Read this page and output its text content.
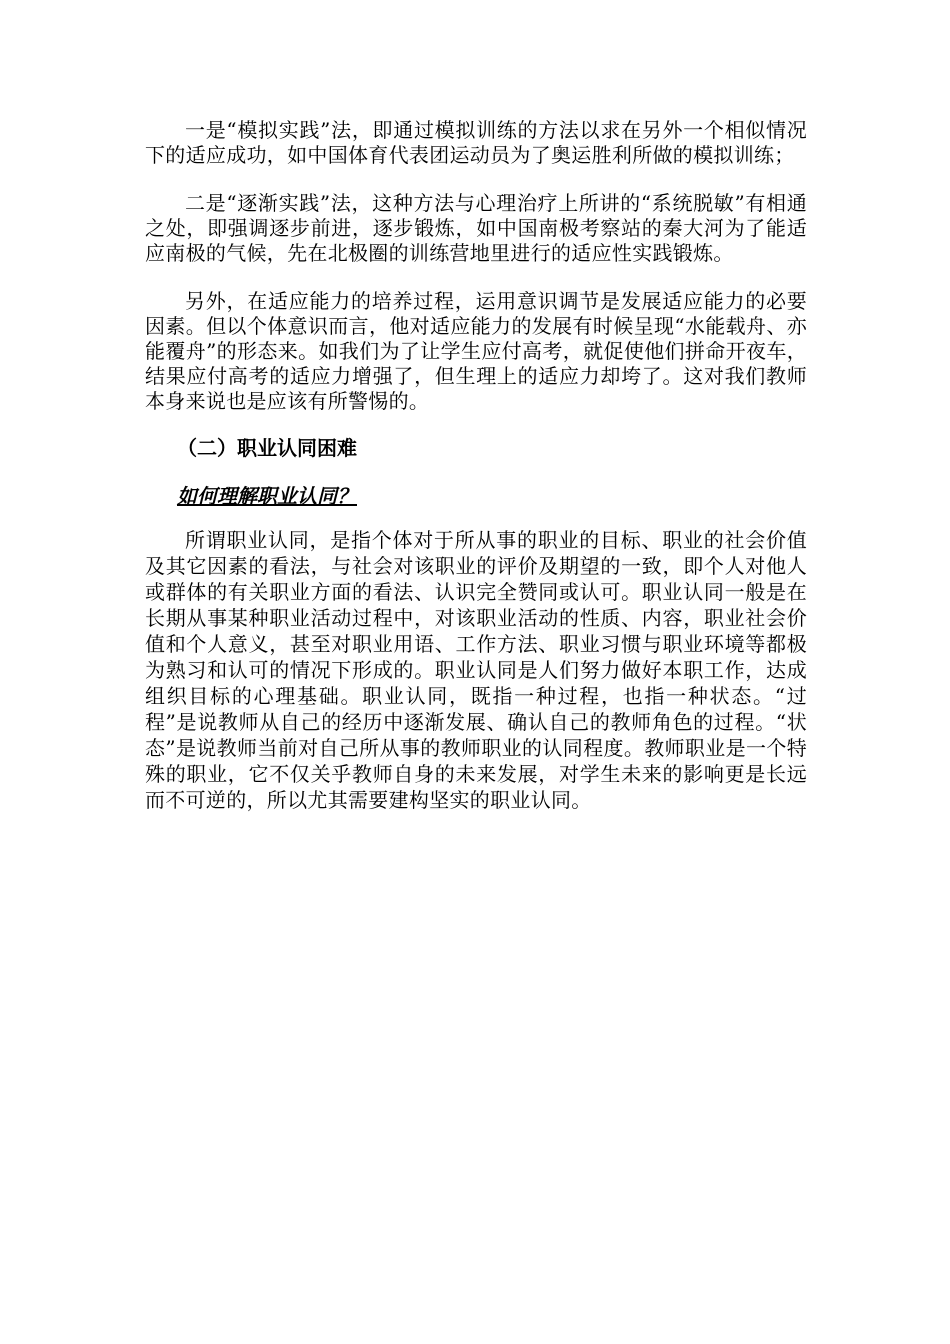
一是“模拟实践”法，即通过模拟训练的方法以求在另外一个相似情况下的适应成功，如中国体育代表团运动员为了奥运胜利所做的模拟训练；

二是“逐渐实践”法，这种方法与心理治疗上所讲的“系统脱敏”有相通之处，即强调逐步前进，逐步锻炼，如中国南极考察站的秦大河为了能适应南极的气候，先在北极圈的训练营地里进行的适应性实践锻炼。

另外，在适应能力的培养过程，运用意识调节是发展适应能力的必要因素。但以个体意识而言，他对适应能力的发展有时候呈现“水能载舟、亦能覆舟”的形态来。如我们为了让学生应付高考，就促使他们拼命开夜车，结果应付高考的适应力增强了，但生理上的适应力却垮了。这对我们教师本身来说也是应该有所警惕的。

（二）职业认同困难
如何理解职业认同？

所谓职业认同，是指个体对于所从事的职业的目标、职业的社会价值及其它因素的看法，与社会对该职业的评价及期望的一致，即个人对他人或群体的有关职业方面的看法、认识完全赞同或认可。职业认同一般是在长期从事某种职业活动过程中，对该职业活动的性质、内容，职业社会价值和个人意义，甚至对职业用语、工作方法、职业习惯与职业环境等都极为熟习和认可的情况下形成的。职业认同是人们努力做好本职工作，达成组织目标的心理基础。职业认同，既指一种过程，也指一种状态。“过程”是说教师从自己的经历中逐渐发展、确认自己的教师角色的过程。“状态”是说教师当前对自己所从事的教师职业的认同程度。教师职业是一个特殊的职业，它不仅关乎教师自身的未来发展，对学生未来的影响更是长远而不可逆的，所以尤其需要建构坚实的职业认同。
